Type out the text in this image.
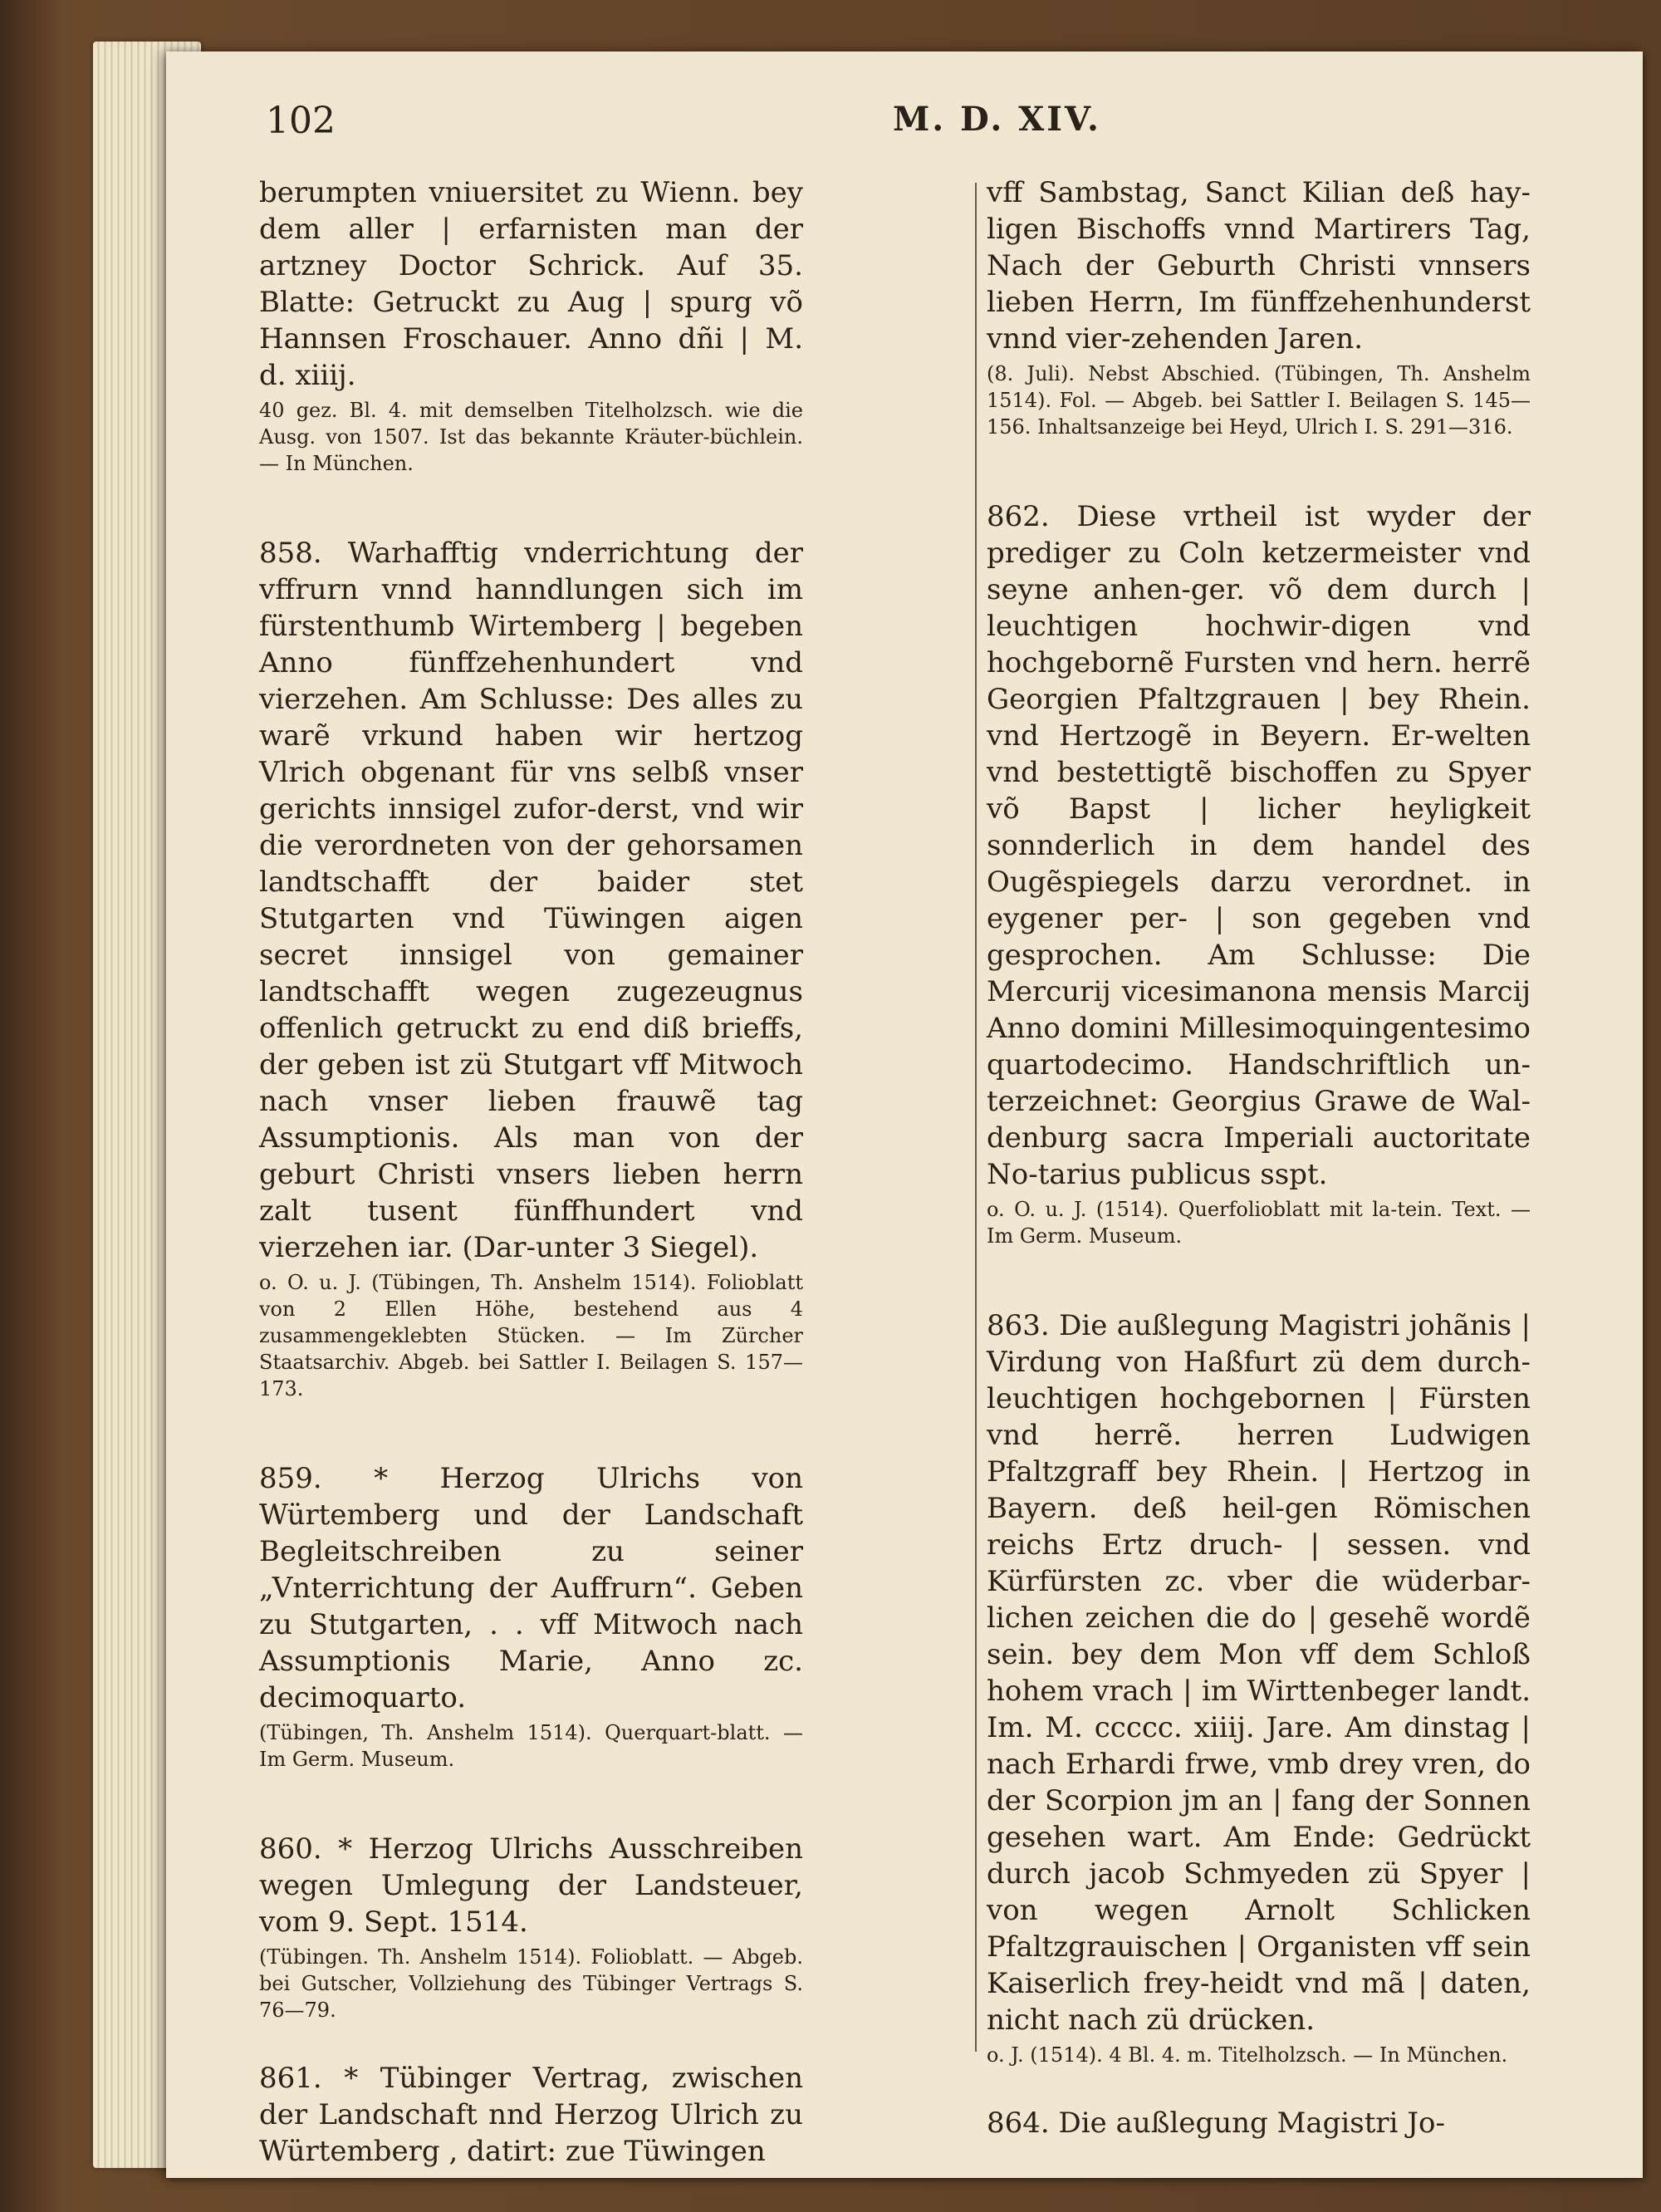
102	M. D. XIV.
berumpten vniuersitet zu Wienn. bey dem aller | erfarnisten man der artzney Doctor Schrick. Auf 35. Blatte: Getruckt zu Aug | spurg võ Hannsen Froschauer. Anno dñi | M. d. xiiij.
40 gez. Bl. 4. mit demselben Titelholzsch. wie die Ausg. von 1507. Ist das bekannte Kräuter-büchlein. — In München.
858. Warhafftig vnderrichtung der vffrurn vnnd hanndlungen sich im fürstenthumb Wirtemberg | begeben Anno fünffzehenhundert vnd vierzehen. Am Schlusse: Des alles zu warẽ vrkund haben wir hertzog Vlrich obgenant für vns selbß vnser gerichts innsigel zufor-derst, vnd wir die verordneten von der gehorsamen landtschafft der baider stet Stutgarten vnd Tüwingen aigen secret innsigel von gemainer landtschafft wegen zugezeugnus offenlich getruckt zu end diß brieffs, der geben ist zü Stutgart vff Mitwoch nach vnser lieben frauwẽ tag Assumptionis. Als man von der geburt Christi vnsers lieben herrn zalt tusent fünffhundert vnd vierzehen iar. (Dar-unter 3 Siegel).
o. O. u. J. (Tübingen, Th. Anshelm 1514). Folioblatt von 2 Ellen Höhe, bestehend aus 4 zusammengeklebten Stücken. — Im Zürcher Staatsarchiv. Abgeb. bei Sattler I. Beilagen S. 157—173.
859. * Herzog Ulrichs von Würtemberg und der Landschaft Begleitschreiben zu seiner „Vnterrichtung der Auffrurn“. Geben zu Stutgarten, . . vff Mitwoch nach Assumptionis Marie, Anno zc. decimoquarto.
(Tübingen, Th. Anshelm 1514). Querquart-blatt. — Im Germ. Museum.
860. * Herzog Ulrichs Ausschreiben wegen Umlegung der Landsteuer, vom 9. Sept. 1514.
(Tübingen. Th. Anshelm 1514). Folioblatt. — Abgeb. bei Gutscher, Vollziehung des Tübinger Vertrags S. 76—79.
861. * Tübinger Vertrag, zwischen der Landschaft nnd Herzog Ulrich zu Würtemberg , datirt: zue Tüwingen
vff Sambstag, Sanct Kilian deß hay-ligen Bischoffs vnnd Martirers Tag, Nach der Geburth Christi vnnsers lieben Herrn, Im fünffzehenhunderst vnnd vier-zehenden Jaren.
(8. Juli). Nebst Abschied. (Tübingen, Th. Anshelm 1514). Fol. — Abgeb. bei Sattler I. Beilagen S. 145—156. Inhaltsanzeige bei Heyd, Ulrich I. S. 291—316.
862. Diese vrtheil ist wyder der prediger zu Coln ketzermeister vnd seyne anhen-ger. võ dem durch | leuchtigen hochwir-digen vnd hochgebornẽ Fursten vnd hern. herrẽ Georgien Pfaltzgrauen | bey Rhein. vnd Hertzogẽ in Beyern. Er-welten vnd bestettigtẽ bischoffen zu Spyer võ Bapst | licher heyligkeit sonnderlich in dem handel des Ougẽspiegels darzu verordnet. in eygener per- | son gegeben vnd gesprochen. Am Schlusse: Die Mercurij vicesimanona mensis Marcij Anno domini Millesimoquingentesimo quartodecimo. Handschriftlich un-terzeichnet: Georgius Grawe de Wal-denburg sacra Imperiali auctoritate No-tarius publicus sspt.
o. O. u. J. (1514). Querfolioblatt mit la-tein. Text. — Im Germ. Museum.
863. Die außlegung Magistri johãnis | Virdung von Haßfurt zü dem durch-leuchtigen hochgebornen | Fürsten vnd herrẽ. herren Ludwigen Pfaltzgraff bey Rhein. | Hertzog in Bayern. deß heil-gen Römischen reichs Ertz druch- | sessen. vnd Kürfürsten zc. vber die wüderbar-lichen zeichen die do | gesehẽ wordẽ sein. bey dem Mon vff dem Schloß hohem vrach | im Wirttenbeger landt. Im. M. ccccc. xiiij. Jare. Am dinstag | nach Erhardi frwe, vmb drey vren, do der Scorpion jm an | fang der Sonnen gesehen wart. Am Ende: Gedrückt durch jacob Schmyeden zü Spyer | von wegen Arnolt Schlicken Pfaltzgrauischen | Organisten vff sein Kaiserlich frey-heidt vnd mã | daten, nicht nach zü drücken.
o. J. (1514). 4 Bl. 4. m. Titelholzsch. — In München.
864. Die außlegung Magistri Jo-
